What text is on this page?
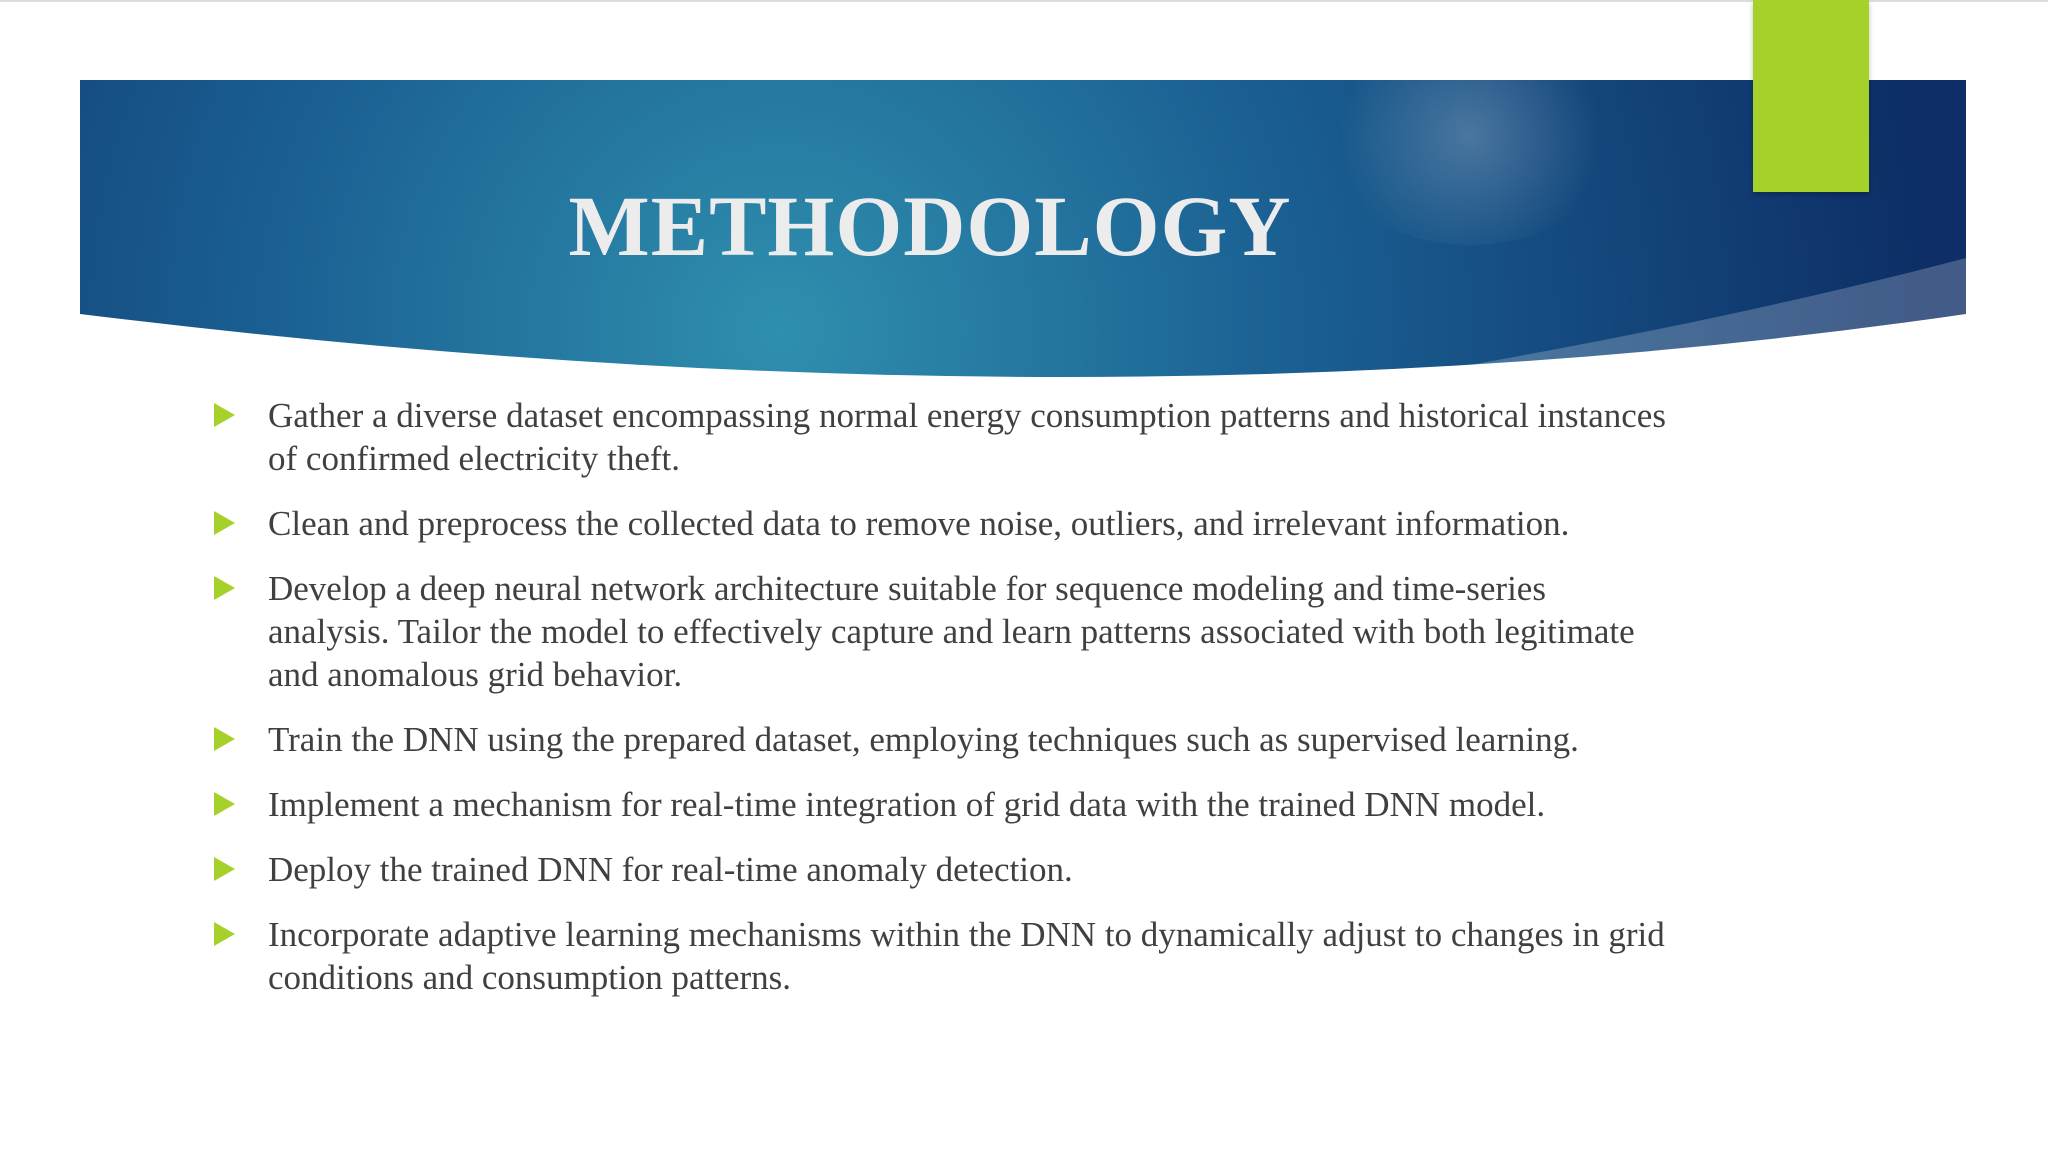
METHODOLOGY
Gather a diverse dataset encompassing normal energy consumption patterns and historical instances of confirmed electricity theft.
Clean and preprocess the collected data to remove noise, outliers, and irrelevant information.
Develop a deep neural network architecture suitable for sequence modeling and time-series analysis. Tailor the model to effectively capture and learn patterns associated with both legitimate and anomalous grid behavior.
Train the DNN using the prepared dataset, employing techniques such as supervised learning.
Implement a mechanism for real-time integration of grid data with the trained DNN model.
Deploy the trained DNN for real-time anomaly detection.
Incorporate adaptive learning mechanisms within the DNN to dynamically adjust to changes in grid conditions and consumption patterns.
